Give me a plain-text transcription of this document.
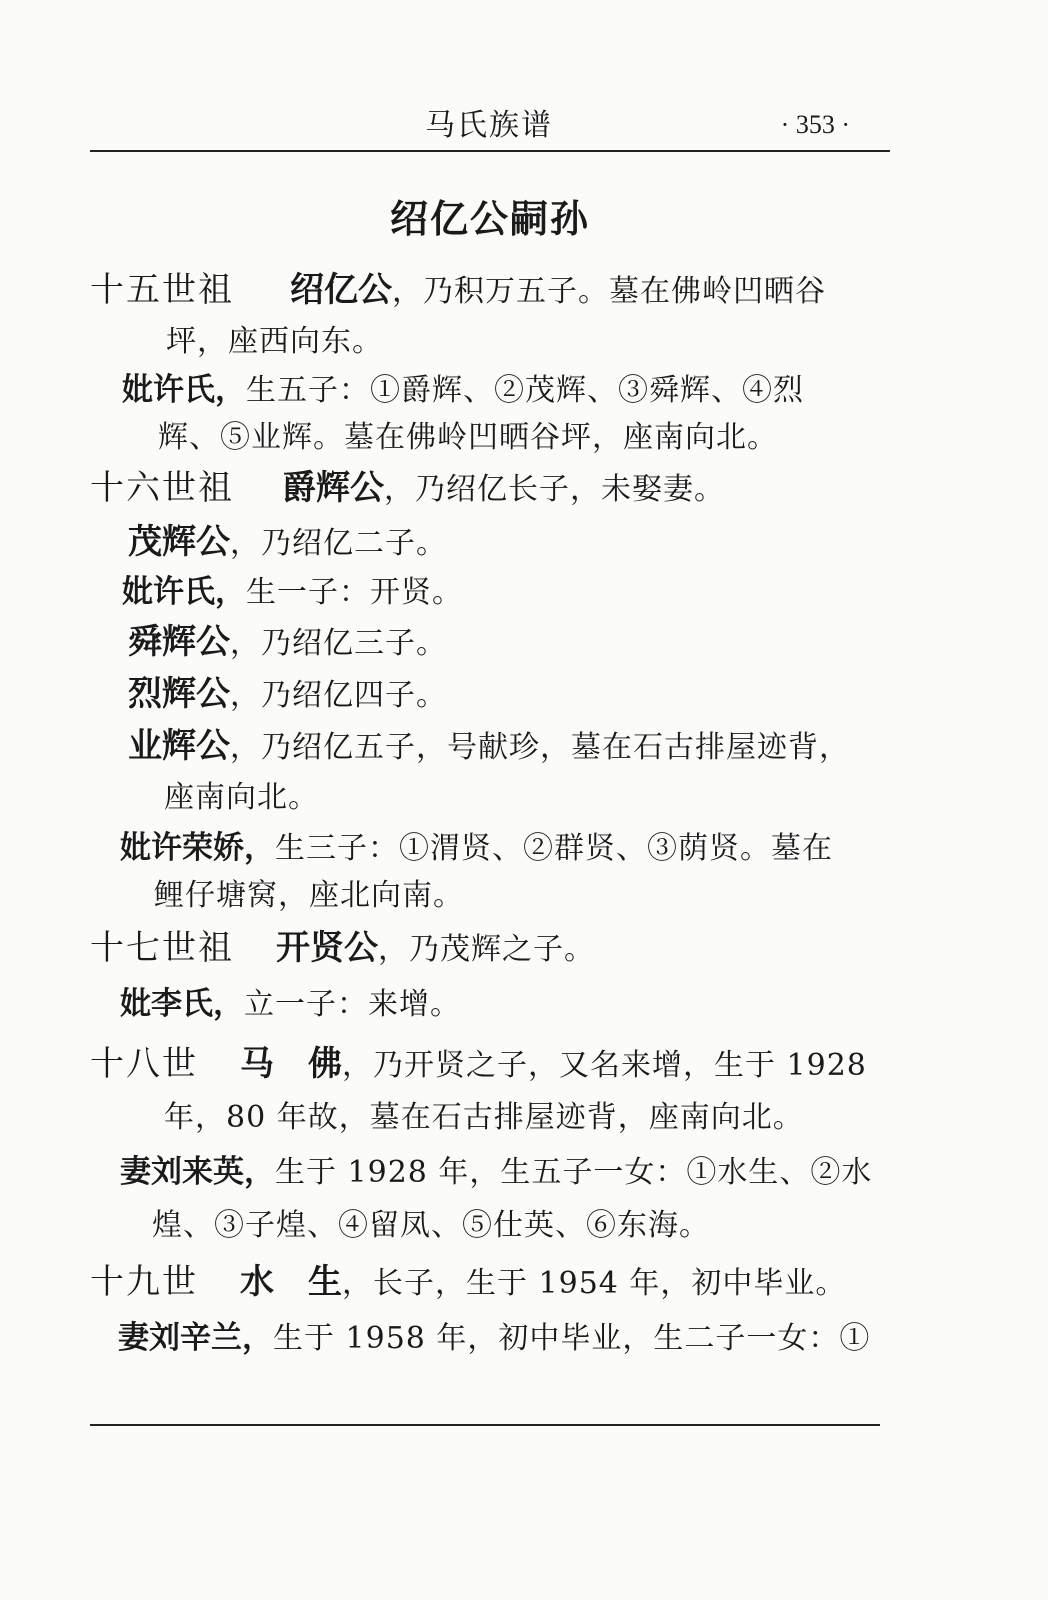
马氏族谱	· 353 ·
绍亿公嗣孙
十五世祖 绍亿公，乃积万五子。墓在佛岭凹晒谷
坪，座西向东。
妣许氏，生五子：①爵辉、②茂辉、③舜辉、④烈
辉、⑤业辉。墓在佛岭凹晒谷坪，座南向北。
十六世祖 爵辉公，乃绍亿长子，未娶妻。
茂辉公，乃绍亿二子。
妣许氏，生一子：开贤。
舜辉公，乃绍亿三子。
烈辉公，乃绍亿四子。
业辉公，乃绍亿五子，号献珍，墓在石古排屋迹背，
座南向北。
妣许荣娇，生三子：①渭贤、②群贤、③荫贤。墓在
鲤仔塘窝，座北向南。
十七世祖 开贤公，乃茂辉之子。
妣李氏，立一子：来增。
十八世 马　佛，乃开贤之子，又名来增，生于 1928
年，80 年故，墓在石古排屋迹背，座南向北。
妻刘来英，生于 1928 年，生五子一女：①水生、②水
煌、③子煌、④留凤、⑤仕英、⑥东海。
十九世 水　生，长子，生于 1954 年，初中毕业。
妻刘辛兰，生于 1958 年，初中毕业，生二子一女：①
